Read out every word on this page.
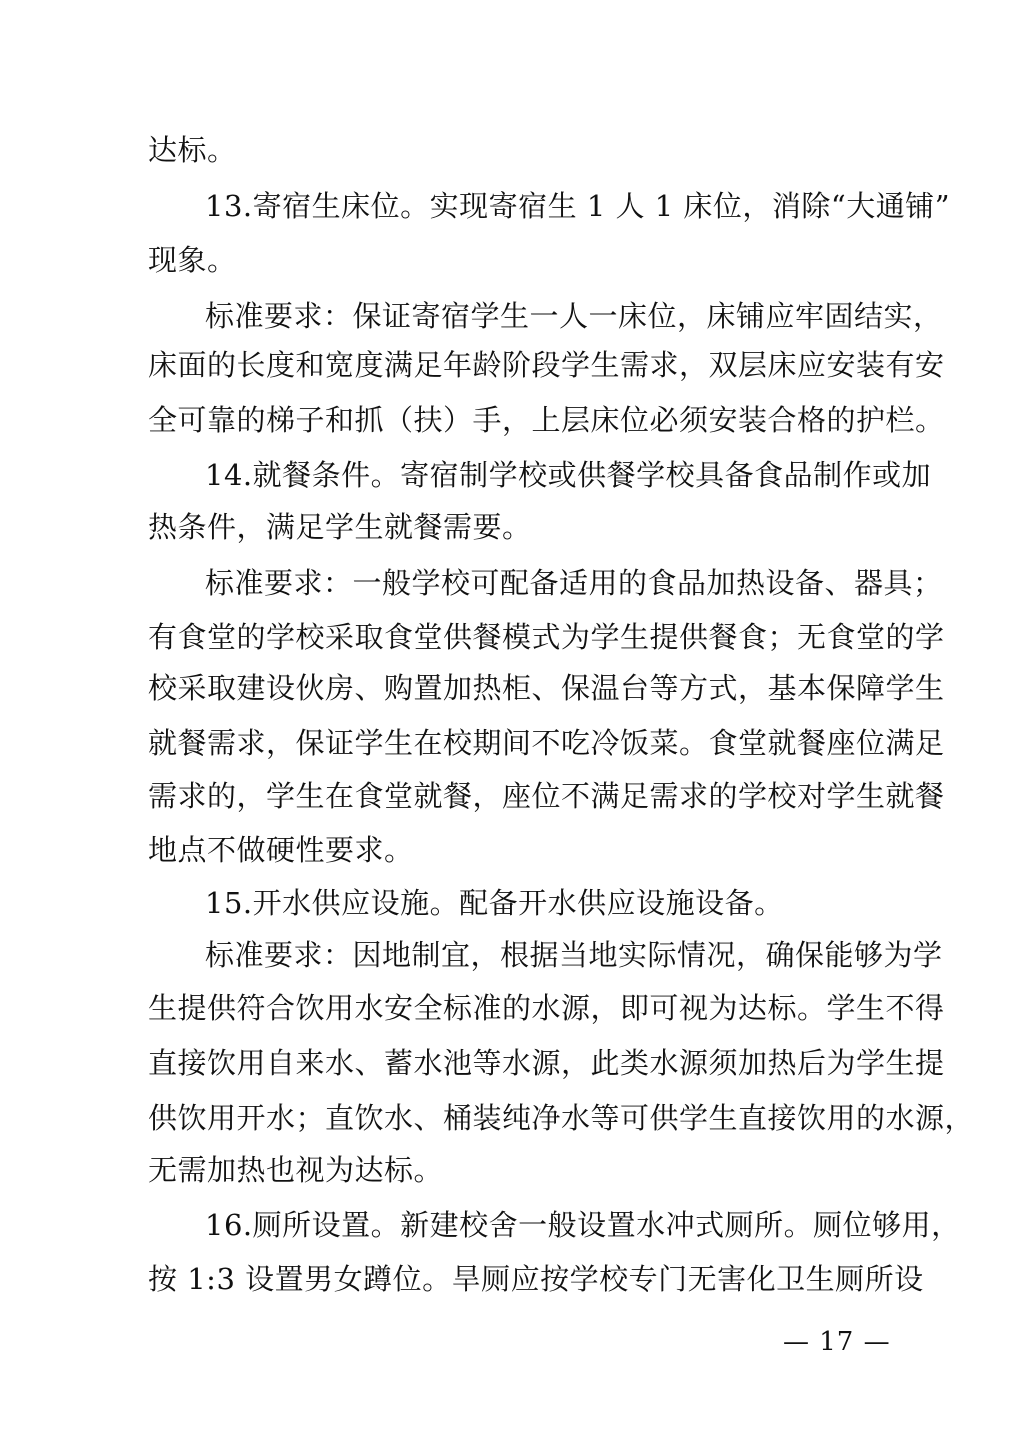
达标。
13.寄宿生床位。实现寄宿生 1 人 1 床位，消除“大通铺”
现象。
标准要求：保证寄宿学生一人一床位，床铺应牢固结实，
床面的长度和宽度满足年龄阶段学生需求，双层床应安装有安
全可靠的梯子和抓（扶）手，上层床位必须安装合格的护栏。
14.就餐条件。寄宿制学校或供餐学校具备食品制作或加
热条件，满足学生就餐需要。
标准要求：一般学校可配备适用的食品加热设备、器具；
有食堂的学校采取食堂供餐模式为学生提供餐食；无食堂的学
校采取建设伙房、购置加热柜、保温台等方式，基本保障学生
就餐需求，保证学生在校期间不吃冷饭菜。食堂就餐座位满足
需求的，学生在食堂就餐，座位不满足需求的学校对学生就餐
地点不做硬性要求。
15.开水供应设施。配备开水供应设施设备。
标准要求：因地制宜，根据当地实际情况，确保能够为学
生提供符合饮用水安全标准的水源，即可视为达标。学生不得
直接饮用自来水、蓄水池等水源，此类水源须加热后为学生提
供饮用开水；直饮水、桶装纯净水等可供学生直接饮用的水源，
无需加热也视为达标。
16.厕所设置。新建校舍一般设置水冲式厕所。厕位够用，
按 1:3 设置男女蹲位。旱厕应按学校专门无害化卫生厕所设
— 17 —
